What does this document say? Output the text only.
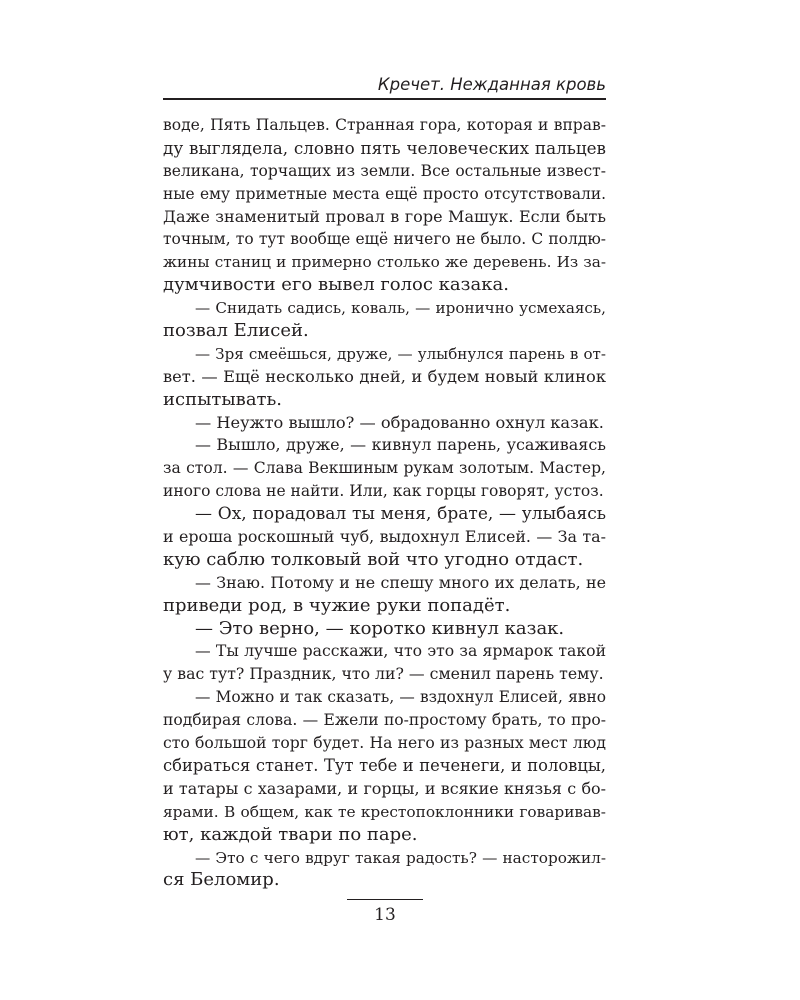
Кречет. Нежданная кровь
воде, Пять Пальцев. Странная гора, которая и вправ-
ду выглядела, словно пять человеческих пальцев
великана, торчащих из земли. Все остальные извест-
ные ему приметные места ещё просто отсутствовали.
Даже знаменитый провал в горе Машук. Если быть
точным, то тут вообще ещё ничего не было. С полдю-
жины станиц и примерно столько же деревень. Из за-
думчивости его вывел голос казака.
— Снидать садись, коваль, — иронично усмехаясь,
позвал Елисей.
— Зря смеёшься, друже, — улыбнулся парень в от-
вет. — Ещё несколько дней, и будем новый клинок
испытывать.
— Неужто вышло? — обрадованно охнул казак.
— Вышло, друже, — кивнул парень, усаживаясь
за стол. — Слава Векшиным рукам золотым. Мастер,
иного слова не найти. Или, как горцы говорят, устоз.
— Ох, порадовал ты меня, брате, — улыбаясь
и ероша роскошный чуб, выдохнул Елисей. — За та-
кую саблю толковый вой что угодно отдаст.
— Знаю. Потому и не спешу много их делать, не
приведи род, в чужие руки попадёт.
— Это верно, — коротко кивнул казак.
— Ты лучше расскажи, что это за ярмарок такой
у вас тут? Праздник, что ли? — сменил парень тему.
— Можно и так сказать, — вздохнул Елисей, явно
подбирая слова. — Ежели по-простому брать, то про-
сто большой торг будет. На него из разных мест люд
сбираться станет. Тут тебе и печенеги, и половцы,
и татары с хазарами, и горцы, и всякие князья с бо-
ярами. В общем, как те крестопоклонники говаривав-
ют, каждой твари по паре.
— Это с чего вдруг такая радость? — насторожил-
ся Беломир.
13
